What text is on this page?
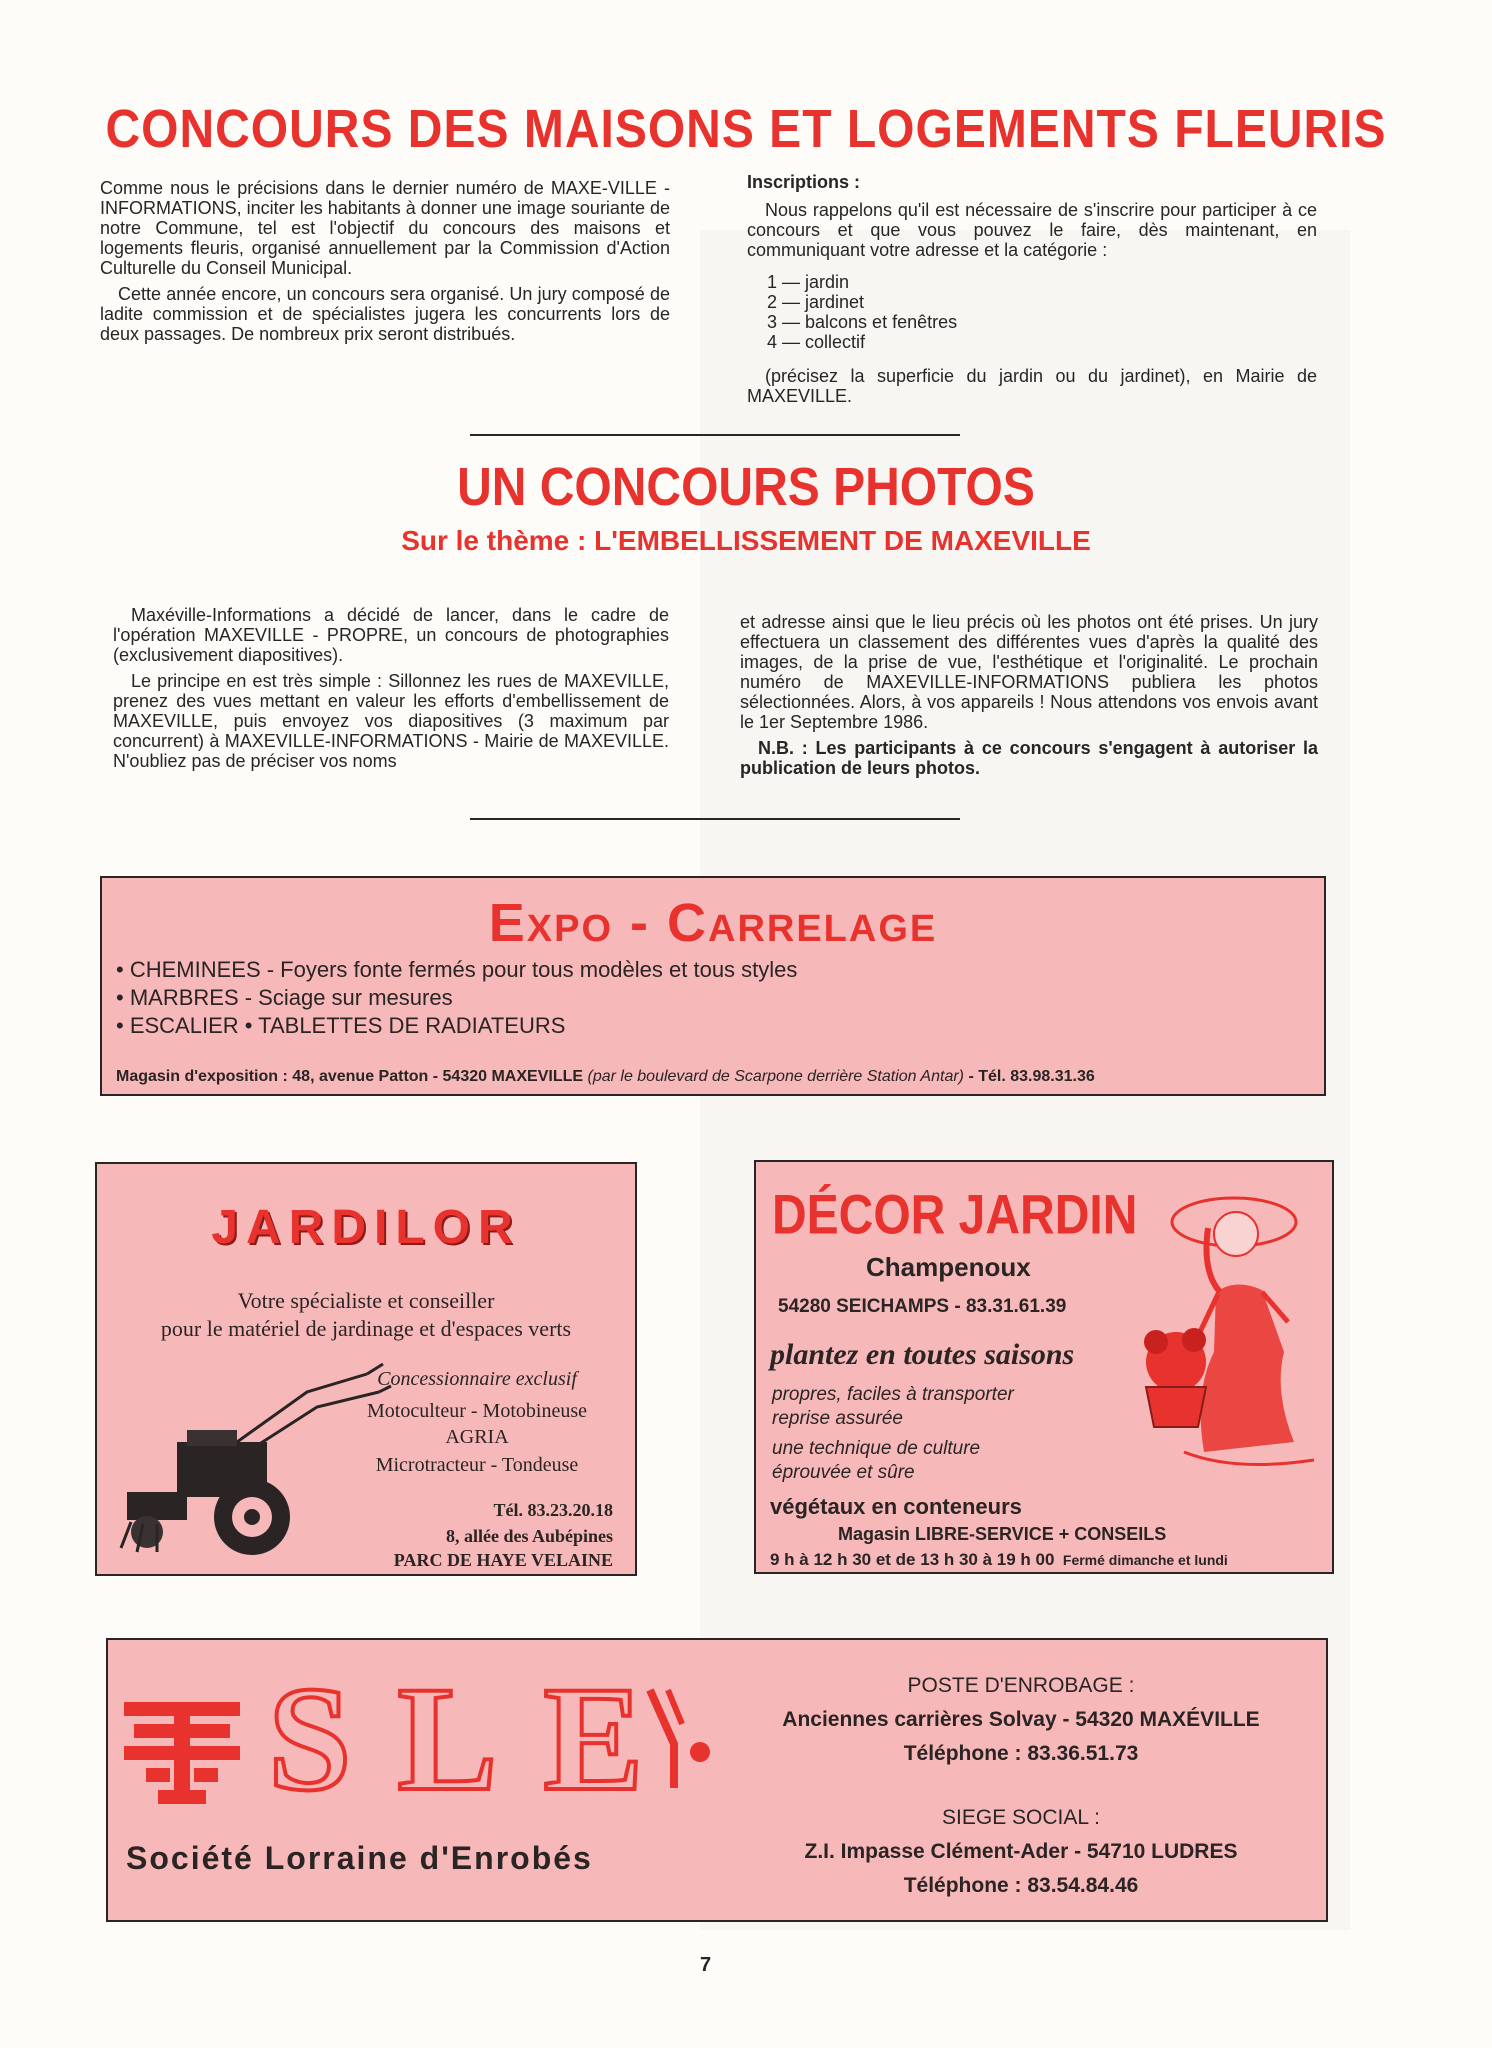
CONCOURS DES MAISONS ET LOGEMENTS FLEURIS

Comme nous le précisions dans le dernier numéro de MAXE-VILLE - INFORMATIONS, inciter les habitants à donner une image souriante de notre Commune, tel est l'objectif du concours des maisons et logements fleuris, organisé annuellement par la Commission d'Action Culturelle du Conseil Municipal.

Cette année encore, un concours sera organisé. Un jury composé de ladite commission et de spécialistes jugera les concurrents lors de deux passages. De nombreux prix seront distribués.

Inscriptions :

Nous rappelons qu'il est nécessaire de s'inscrire pour participer à ce concours et que vous pouvez le faire, dès maintenant, en communiquant votre adresse et la catégorie :

1 — jardin
2 — jardinet
3 — balcons et fenêtres
4 — collectif

(précisez la superficie du jardin ou du jardinet), en Mairie de MAXEVILLE.

UN CONCOURS PHOTOS
Sur le thème : L'EMBELLISSEMENT DE MAXEVILLE

Maxéville-Informations a décidé de lancer, dans le cadre de l'opération MAXEVILLE - PROPRE, un concours de photographies (exclusivement diapositives).

Le principe en est très simple : Sillonnez les rues de MAXEVILLE, prenez des vues mettant en valeur les efforts d'embellissement de MAXEVILLE, puis envoyez vos diapositives (3 maximum par concurrent) à MAXEVILLE-INFORMATIONS - Mairie de MAXEVILLE. N'oubliez pas de préciser vos noms

et adresse ainsi que le lieu précis où les photos ont été prises. Un jury effectuera un classement des différentes vues d'après la qualité des images, de la prise de vue, l'esthétique et l'originalité. Le prochain numéro de MAXEVILLE-INFORMATIONS publiera les photos sélectionnées. Alors, à vos appareils ! Nous attendons vos envois avant le 1er Septembre 1986.

N.B. : Les participants à ce concours s'engagent à autoriser la publication de leurs photos.

Expo - Carrelage
• CHEMINEES - Foyers fonte fermés pour tous modèles et tous styles
• MARBRES - Sciage sur mesures
• ESCALIER • TABLETTES DE RADIATEURS
Magasin d'exposition : 48, avenue Patton - 54320 MAXEVILLE (par le boulevard de Scarpone derrière Station Antar) - Tél. 83.98.31.36
JARDILOR
Votre spécialiste et conseiller
pour le matériel de jardinage et d'espaces verts
Concessionnaire exclusif
Motoculteur - Motobineuse
AGRIA
Microtracteur - Tondeuse
Tél. 83.23.20.18
8, allée des Aubépines
PARC DE HAYE VELAINE
DÉCOR JARDIN
Champenoux
54280 SEICHAMPS - 83.31.61.39
plantez en toutes saisons
propres, faciles à transporter
reprise assurée
une technique de culture
éprouvée et sûre
végétaux en conteneurs
Magasin LIBRE-SERVICE + CONSEILS
9 h à 12 h 30 et de 13 h 30 à 19 h 00 Fermé dimanche et lundi
SLE
Société Lorraine d'Enrobés
POSTE D'ENROBAGE :
Anciennes carrières Solvay - 54320 MAXÉVILLE
Téléphone : 83.36.51.73
SIEGE SOCIAL :
Z.I. Impasse Clément-Ader - 54710 LUDRES
Téléphone : 83.54.84.46
7
